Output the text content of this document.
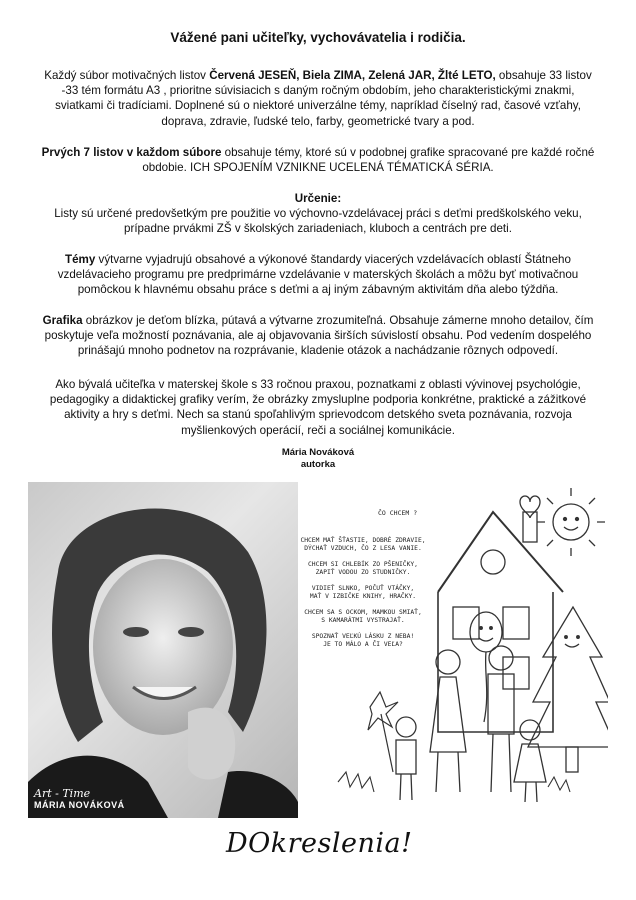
Vážené pani učiteľky, vychovávatelia i rodičia.

Každý súbor motivačných listov Červená JESEŇ, Biela ZIMA, Zelená JAR, Žlté LETO, obsahuje 33 listov -33 tém formátu A3 , prioritne súvisiacich s daným ročným obdobím, jeho charakteristickými znakmi, sviatkami či tradíciami. Doplnené sú o niektoré univerzálne témy, napríklad číselný rad, časové vzťahy, doprava, zdravie, ľudské telo, farby, geometrické tvary a pod.

Prvých 7 listov v každom súbore obsahuje témy, ktoré sú v podobnej grafike spracované pre každé ročné obdobie. ICH SPOJENÍM VZNIKNE UCELENÁ TÉMATICKÁ SÉRIA.

Určenie:

Listy sú určené predovšetkým pre použitie vo výchovno-vzdelávacej práci s deťmi predškolského veku, prípadne prvákmi ZŠ v školských zariadeniach, kluboch a centrách pre deti.

Témy výtvarne vyjadrujú obsahové a výkonové štandardy viacerých vzdelávacích oblastí Štátneho vzdelávacieho programu pre predprimárne vzdelávanie v materských školách a môžu byť motivačnou pomôckou k hlavnému obsahu práce s deťmi a aj iným zábavným aktivitám dňa alebo týždňa.

Grafika obrázkov je deťom blízka, pútavá a výtvarne zrozumiteľná. Obsahuje zámerne mnoho detailov, čím poskytuje veľa možností poznávania, ale aj objavovania širších súvislostí obsahu. Pod vedením dospelého prinášajú mnoho podnetov na rozprávanie, kladenie otázok a nachádzanie rôznych odpovedí.

Ako bývalá učiteľka v materskej škole s 33 ročnou praxou, poznatkami z oblasti vývinovej psychológie, pedagogiky a didaktickej grafiky verím, že obrázky zmysluplne podporia konkrétne, praktické a zážitkové aktivity a hry s deťmi. Nech sa stanú spoľahlivým sprievodcom detského sveta poznávania, rozvoja myšlienkových operácií, reči a sociálnej komunikácie.

Mária Nováková
autorka
Art - Time
MÁRIA NOVÁKOVÁ
ČO CHCEM ?
CHCEM MAŤ ŠŤASTIE, DOBRÉ ZDRAVIE,
DÝCHAŤ VZDUCH, ČO Z LESA VANIE.
CHCEM SI CHLEBÍK ZO PŠENIČKY,
ZAPIŤ VODOU ZO STUDNIČKY.
VIDIEŤ SLNKO, POČUŤ VTÁČKY,
MAŤ V IZBIČKE KNIHY, HRAČKY.
CHCEM SA S OCKOM, MAMKOU SMIAŤ,
S KAMARÁTMI VYSTRAJAŤ.
SPOZNAŤ VEĽKÚ LÁSKU Z NEBA!
JE TO MÁLO A ČI VEĽA?
DOkreslenia!
